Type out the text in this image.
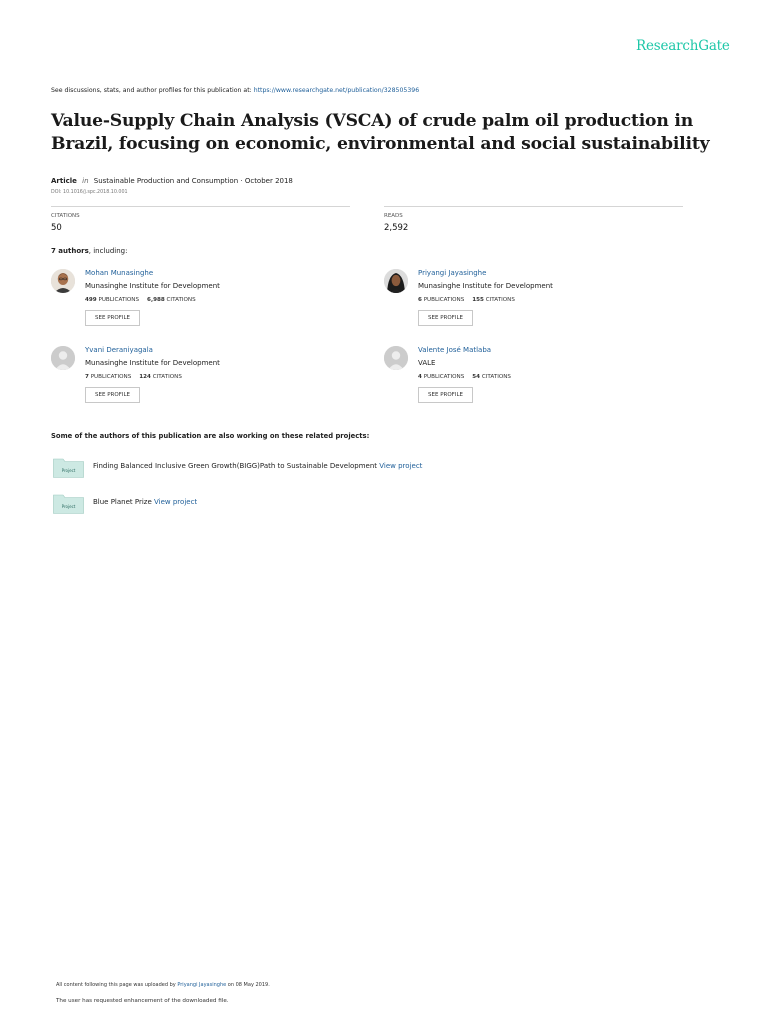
ResearchGate
See discussions, stats, and author profiles for this publication at: https://www.researchgate.net/publication/328505396
Value-Supply Chain Analysis (VSCA) of crude palm oil production in Brazil, focusing on economic, environmental and social sustainability
Article in Sustainable Production and Consumption · October 2018
DOI: 10.1016/j.spc.2018.10.001
CITATIONS
50
READS
2,592
7 authors, including:
Mohan Munasinghe
Munasinghe Institute for Development
499 PUBLICATIONS 6,988 CITATIONS
SEE PROFILE
Priyangi Jayasinghe
Munasinghe Institute for Development
6 PUBLICATIONS 155 CITATIONS
SEE PROFILE
Yvani Deraniyagala
Munasinghe Institute for Development
7 PUBLICATIONS 124 CITATIONS
SEE PROFILE
Valente José Matlaba
VALE
4 PUBLICATIONS 54 CITATIONS
SEE PROFILE
Some of the authors of this publication are also working on these related projects:
Project
Finding Balanced Inclusive Green Growth(BIGG)Path to Sustainable Development View project
Project
Blue Planet Prize View project
All content following this page was uploaded by Priyangi Jayasinghe on 08 May 2019.
The user has requested enhancement of the downloaded file.
